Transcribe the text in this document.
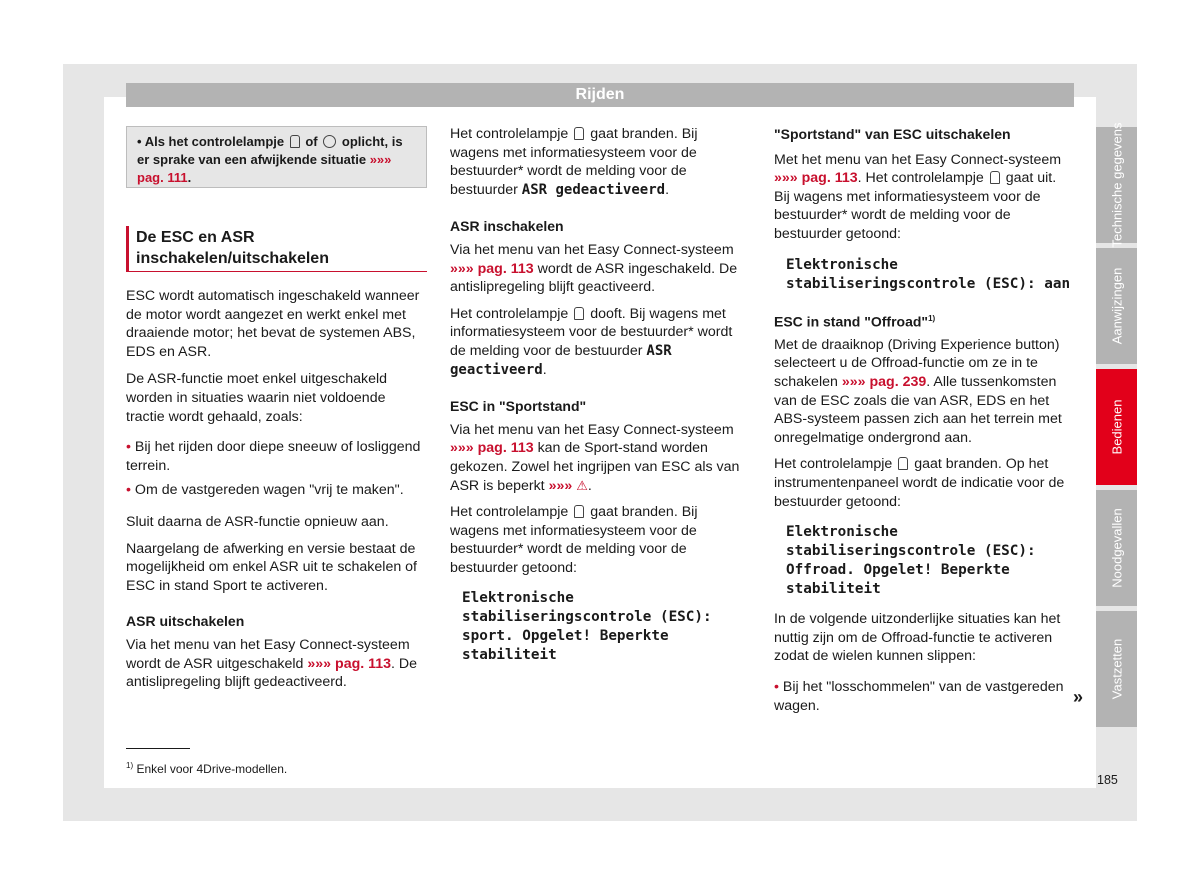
Rijden
• Als het controlelampje of oplicht, is er sprake van een afwijkende situatie »»» pag. 111.
De ESC en ASR inschakelen/uitschakelen

ESC wordt automatisch ingeschakeld wanneer de motor wordt aangezet en werkt enkel met draaiende motor; het bevat de systemen ABS, EDS en ASR.

De ASR-functie moet enkel uitgeschakeld worden in situaties waarin niet voldoende tractie wordt gehaald, zoals:

• Bij het rijden door diepe sneeuw of losliggend terrein.

• Om de vastgereden wagen "vrij te maken".

Sluit daarna de ASR-functie opnieuw aan.

Naargelang de afwerking en versie bestaat de mogelijkheid om enkel ASR uit te schakelen of ESC in stand Sport te activeren.

ASR uitschakelen

Via het menu van het Easy Connect-systeem wordt de ASR uitgeschakeld »»» pag. 113. De antislipregeling blijft gedeactiveerd.

Het controlelampje gaat branden. Bij wagens met informatiesysteem voor de bestuurder* wordt de melding voor de bestuurder ASR gedeactiveerd.

ASR inschakelen

Via het menu van het Easy Connect-systeem »»» pag. 113 wordt de ASR ingeschakeld. De antislipregeling blijft geactiveerd.

Het controlelampje dooft. Bij wagens met informatiesysteem voor de bestuurder* wordt de melding voor de bestuurder ASR geactiveerd.

ESC in "Sportstand"

Via het menu van het Easy Connect-systeem »»» pag. 113 kan de Sport-stand worden gekozen. Zowel het ingrijpen van ESC als van ASR is beperkt »»» ⚠.

Het controlelampje gaat branden. Bij wagens met informatiesysteem voor de bestuurder* wordt de melding voor de bestuurder getoond:

Elektronische stabiliseringscontrole (ESC): sport. Opgelet! Beperkte stabiliteit

"Sportstand" van ESC uitschakelen

Met het menu van het Easy Connect-systeem »»» pag. 113. Het controlelampje gaat uit. Bij wagens met informatiesysteem voor de bestuurder* wordt de melding voor de bestuurder getoond:

Elektronische stabiliseringscontrole (ESC): aan

ESC in stand "Offroad"$^{1)}$

Met de draaiknop (Driving Experience button) selecteert u de Offroad-functie om ze in te schakelen »»» pag. 239. Alle tussenkomsten van de ESC zoals die van ASR, EDS en het ABS-systeem passen zich aan het terrein met onregelmatige ondergrond aan.

Het controlelampje gaat branden. Op het instrumentenpaneel wordt de indicatie voor de bestuurder getoond:

Elektronische stabiliseringscontrole (ESC): Offroad. Opgelet! Beperkte stabiliteit

In de volgende uitzonderlijke situaties kan het nuttig zijn om de Offroad-functie te activeren zodat de wielen kunnen slippen:

• Bij het "losschommelen" van de vastgereden wagen.	»
$^{1)}$ Enkel voor 4Drive-modellen.
185
Technische gegevens
Aanwijzingen
Bedienen
Noodgevallen
Vastzetten
